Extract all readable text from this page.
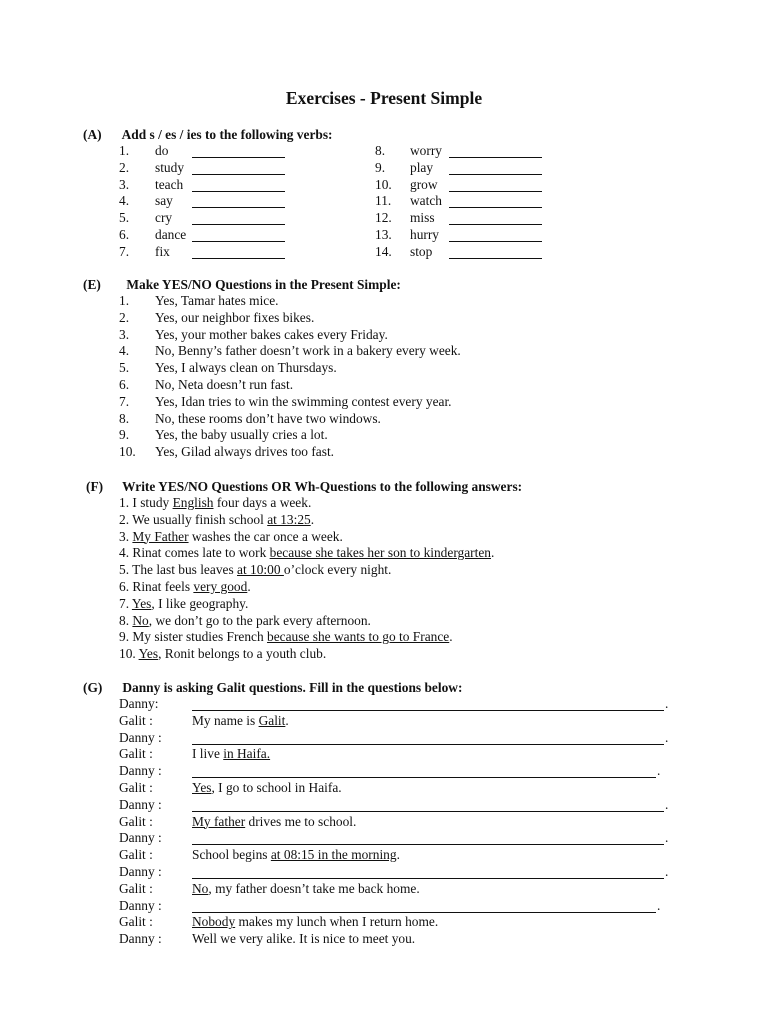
Exercises - Present Simple
(A) Add s / es / ies to the following verbs:
1. do
2. study
3. teach
4. say
5. cry
6. dance
7. fix
8. worry
9. play
10. grow
11. watch
12. miss
13. hurry
14. stop
(E) Make YES/NO Questions in the Present Simple:
1. Yes, Tamar hates mice.
2. Yes, our neighbor fixes bikes.
3. Yes, your mother bakes cakes every Friday.
4. No, Benny’s father doesn’t work in a bakery every week.
5. Yes, I always clean on Thursdays.
6. No, Neta doesn’t run fast.
7. Yes, Idan tries to win the swimming contest every year.
8. No, these rooms don’t have two windows.
9. Yes, the baby usually cries a lot.
10. Yes, Gilad always drives too fast.
(F) Write YES/NO Questions OR Wh-Questions to the following answers:
1. I study English four days a week.
2. We usually finish school at 13:25.
3. My Father washes the car once a week.
4. Rinat comes late to work because she takes her son to kindergarten.
5. The last bus leaves at 10:00 o’clock every night.
6. Rinat feels very good.
7. Yes, I like geography.
8. No, we don’t go to the park every afternoon.
9. My sister studies French because she wants to go to France.
10. Yes, Ronit belongs to a youth club.
(G) Danny is asking Galit questions. Fill in the questions below:
Danny:	.
Galit :	My name is Galit.
Danny :	.
Galit :	I live in Haifa.
Danny :	.
Galit :	Yes, I go to school in Haifa.
Danny :	.
Galit :	My father drives me to school.
Danny :	.
Galit :	School begins at 08:15 in the morning.
Danny :	.
Galit :	No, my father doesn’t take me back home.
Danny :	.
Galit :	Nobody makes my lunch when I return home.
Danny : Well we very alike. It is nice to meet you.
